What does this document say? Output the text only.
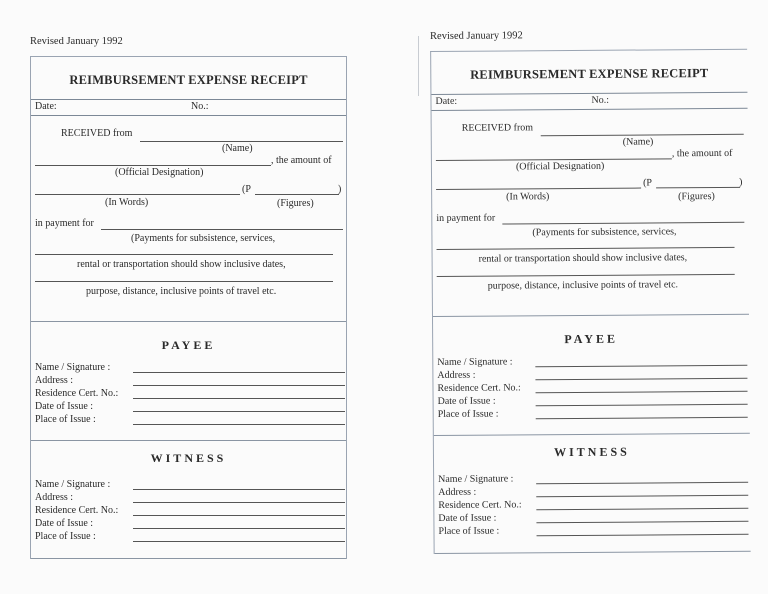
Revised January 1992
REIMBURSEMENT EXPENSE RECEIPT
Date:	No.:
RECEIVED from
(Name)
, the amount of
(Official Designation)
(P	)
(In Words)	(Figures)
in payment for
(Payments for subsistence, services,
rental or transportation should show inclusive dates,
purpose, distance, inclusive points of travel etc.
PAYEE
Name / Signature :
Address :
Residence Cert. No.:
Date of Issue :
Place of Issue :
WITNESS
Name / Signature :
Address :
Residence Cert. No.:
Date of Issue :
Place of Issue :
Revised January 1992
REIMBURSEMENT EXPENSE RECEIPT
Date:	No.:
RECEIVED from
(Name)
, the amount of
(Official Designation)
(P	)
(In Words)	(Figures)
in payment for
(Payments for subsistence, services,
rental or transportation should show inclusive dates,
purpose, distance, inclusive points of travel etc.
PAYEE
Name / Signature :
Address :
Residence Cert. No.:
Date of Issue :
Place of Issue :
WITNESS
Name / Signature :
Address :
Residence Cert. No.:
Date of Issue :
Place of Issue :
